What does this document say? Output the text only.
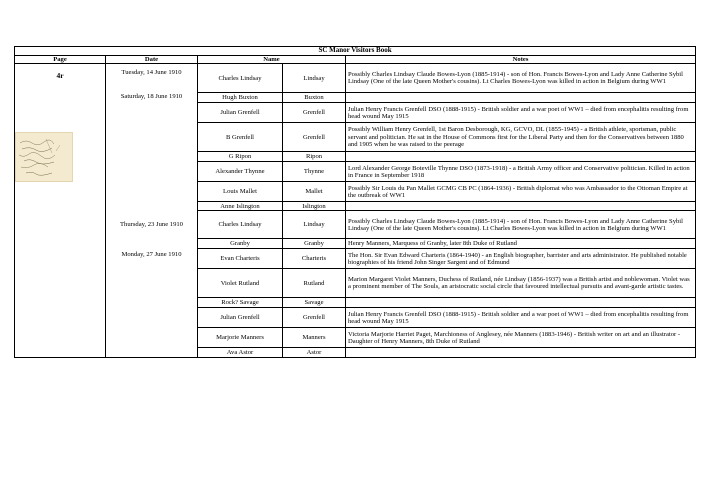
SC Manor Visitors Book				
Page	Date	Name		Notes
4r	Tuesday, 14 June 1910	Charles Lindsay	Lindsay	Possibly Charles Lindsay Claude Bowes-Lyon (1885-1914) - son of Hon. Francis Bowes-Lyon and Lady Anne Catherine Sybil Lindsay (One of the late Queen Mother's cousins). Lt Charles Bowes-Lyon was killed in action in Belgium during WW1
	Saturday, 18 June 1910	Hugh Buxton	Buxton	
		Julian Grenfell	Grenfell	Julian Henry Francis Grenfell DSO (1888-1915) - British soldier and a war poet of WW1 – died from encephalitis resulting from head wound May 1915
		B Grenfell	Grenfell	Possibly William Henry Grenfell, 1st Baron Desborough, KG, GCVO, DL (1855-1945) - a British athlete, sportsman, public servant and politician. He sat in the House of Commons first for the Liberal Party and then for the Conservatives between 1880 and 1905 when he was raised to the peerage
		G Ripon	Ripon	
		Alexander Thynne	Thynne	Lord Alexander George Boteville Thynne DSO (1873-1918) - a British Army officer and Conservative politician. Killed in action in France in September 1918
		Louis Mallet	Mallet	Possibly Sir Louis du Pan Mallet GCMG CB PC (1864-1936) - British diplomat who was Ambassador to the Ottoman Empire at the outbreak of WW1
		Anne Islington	Islington	
	Thursday, 23 June 1910	Charles Lindsay	Lindsay	Possibly Charles Lindsay Claude Bowes-Lyon (1885-1914) - son of Hon. Francis Bowes-Lyon and Lady Anne Catherine Sybil Lindsay (One of the late Queen Mother's cousins). Lt Charles Bowes-Lyon was killed in action in Belgium during WW1
		Granby	Granby	Henry Manners, Marquess of Granby, later 8th Duke of Rutland
	Monday, 27 June 1910	Evan Charteris	Charteris	The Hon. Sir Evan Edward Charteris (1864-1940) - an English biographer, barrister and arts administrator. He published notable biographies of his friend John Singer Sargent and of Edmund
		Violet Rutland	Rutland	Marion Margaret Violet Manners, Duchess of Rutland, née Lindsay (1856-1937) was a British artist and noblewoman. Violet was a prominent member of The Souls, an aristocratic social circle that favoured intellectual pursuits and avant-garde artistic tastes.
		Rock? Savage	Savage	
		Julian Grenfell	Grenfell	Julian Henry Francis Grenfell DSO (1888-1915) - British soldier and a war poet of WW1 – died from encephalitis resulting from head wound May 1915
		Marjorie Manners	Manners	Victoria Marjorie Harriet Paget, Marchioness of Anglesey, née Manners (1883-1946) - British writer on art and an illustrator - Daughter of Henry Manners, 8th Duke of Rutland
		Ava Astor	Astor	
